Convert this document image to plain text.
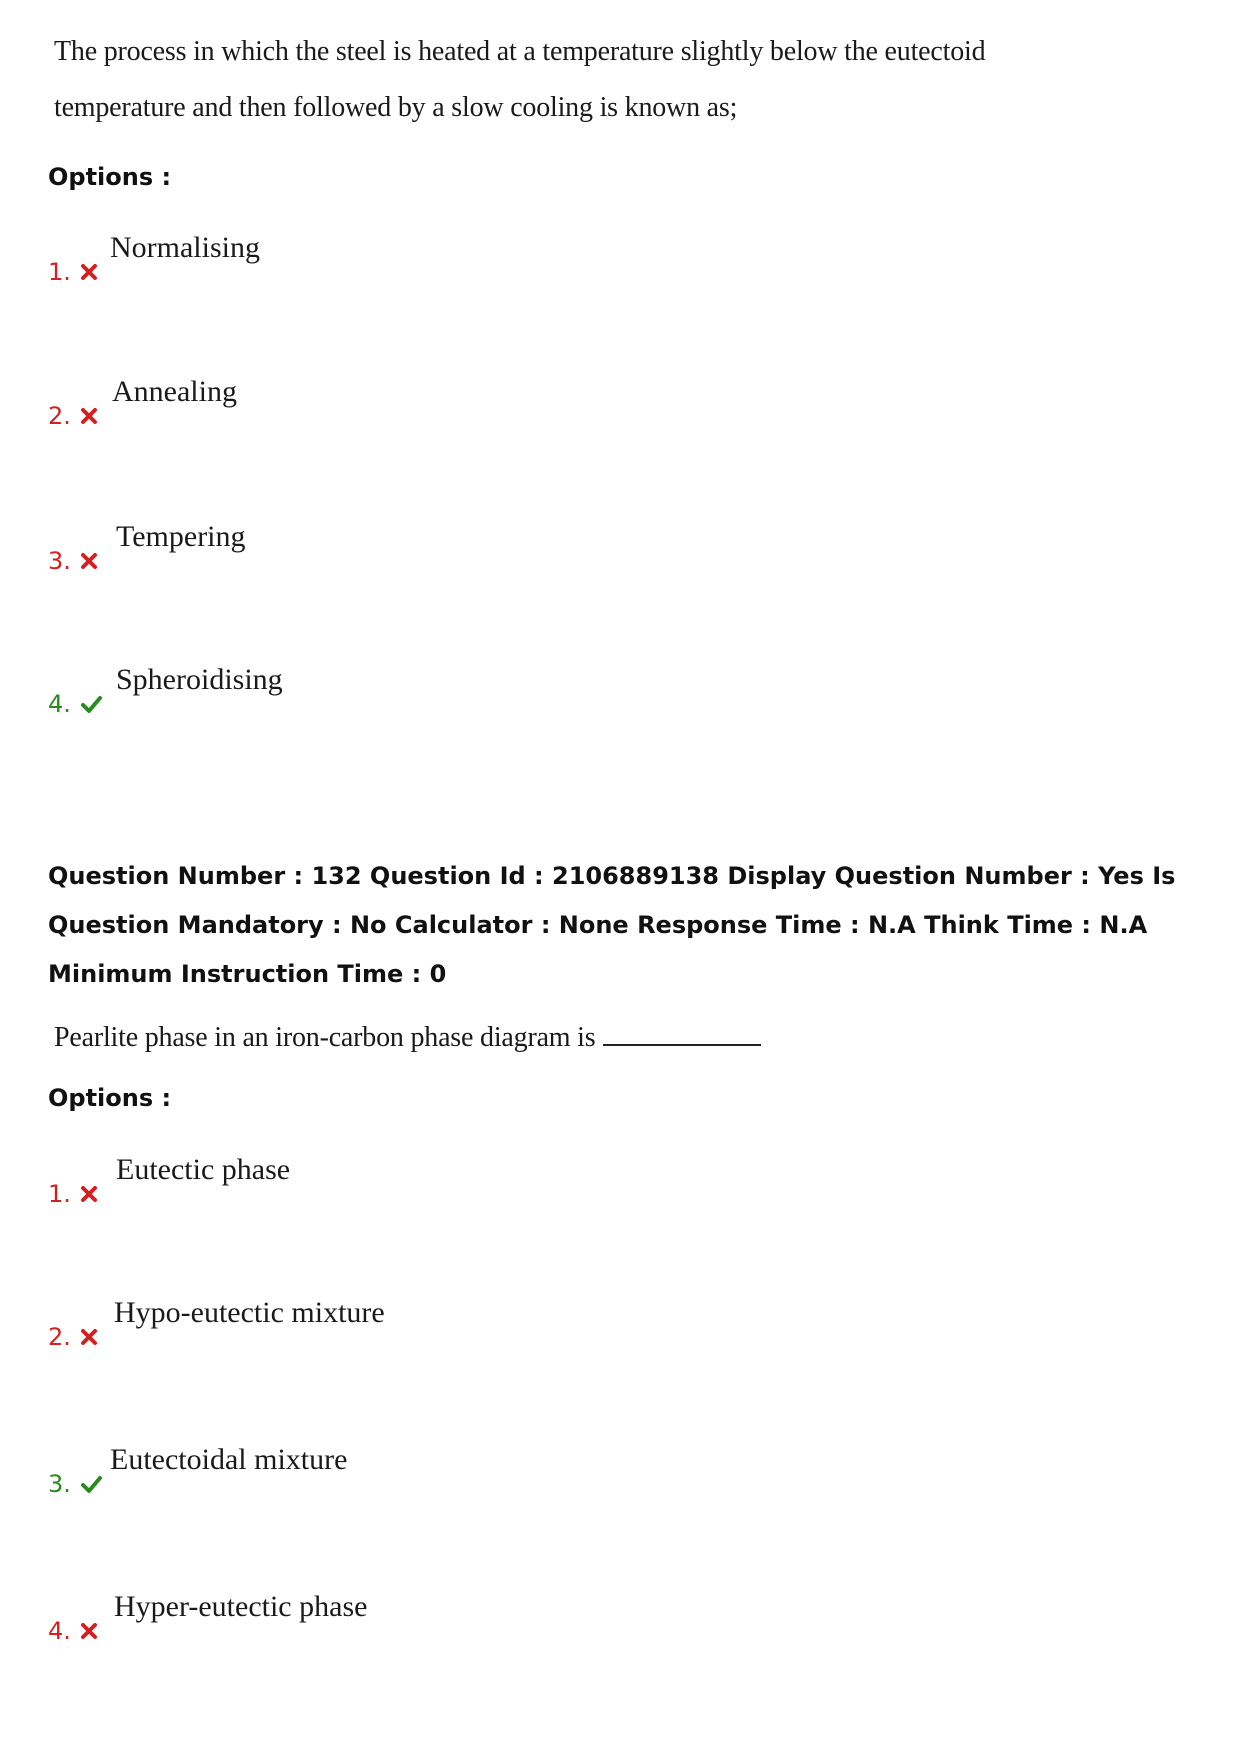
The process in which the steel is heated at a temperature slightly below the eutectoid
temperature and then followed by a slow cooling is known as;
Options :
1.
Normalising
2.
Annealing
3.
Tempering
4.
Spheroidising
Question Number : 132 Question Id : 2106889138 Display Question Number : Yes Is Question Mandatory : No Calculator : None Response Time : N.A Think Time : N.A Minimum Instruction Time : 0
Pearlite phase in an iron-carbon phase diagram is
Options :
1.
Eutectic phase
2.
Hypo-eutectic mixture
3.
Eutectoidal mixture
4.
Hyper-eutectic phase
